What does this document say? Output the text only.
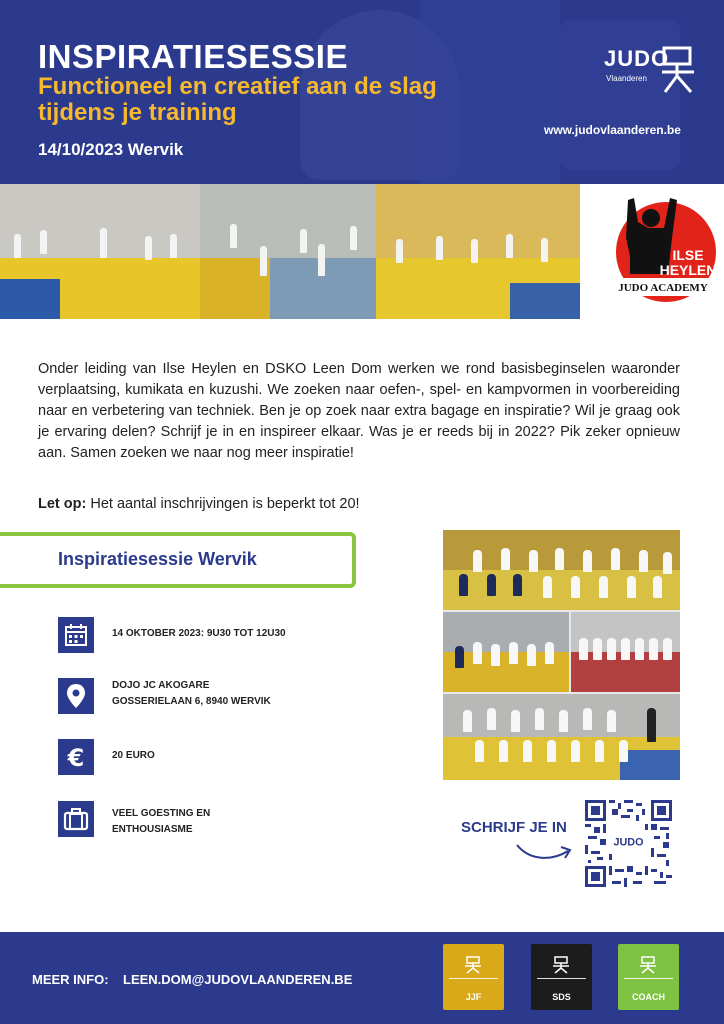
INSPIRATIESESSIE
Functioneel en creatief aan de slag tijdens je training
14/10/2023 Wervik
JUDO
Vlaanderen
www.judovlaanderen.be
ILSE
HEYLEN
JUDO ACADEMY

Onder leiding van Ilse Heylen en DSKO Leen Dom werken we rond basisbeginselen waaronder verplaatsing, kumikata en kuzushi. We zoeken naar oefen-, spel- en kampvormen in voorbereiding naar en verbetering van techniek. Ben je op zoek naar extra bagage en inspiratie? Wil je graag ook je ervaring delen? Schrijf je in en inspireer elkaar. Was je er reeds bij in 2022? Pik zeker opnieuw aan. Samen zoeken we naar nog meer inspiratie!

Let op: Het aantal inschrijvingen is beperkt tot 20!
Inspiratiesessie Wervik
14 OKTOBER 2023: 9U30 TOT 12U30
DOJO JC AKOGARE
GOSSERIELAAN 6, 8940 WERVIK
€	20 EURO
VEEL GOESTING EN
ENTHOUSIASME	SCHRIJF JE IN
JUDO
MEER INFO: LEEN.DOM@JUDOVLAANDEREN.BE
JJF	SDS	COACH
